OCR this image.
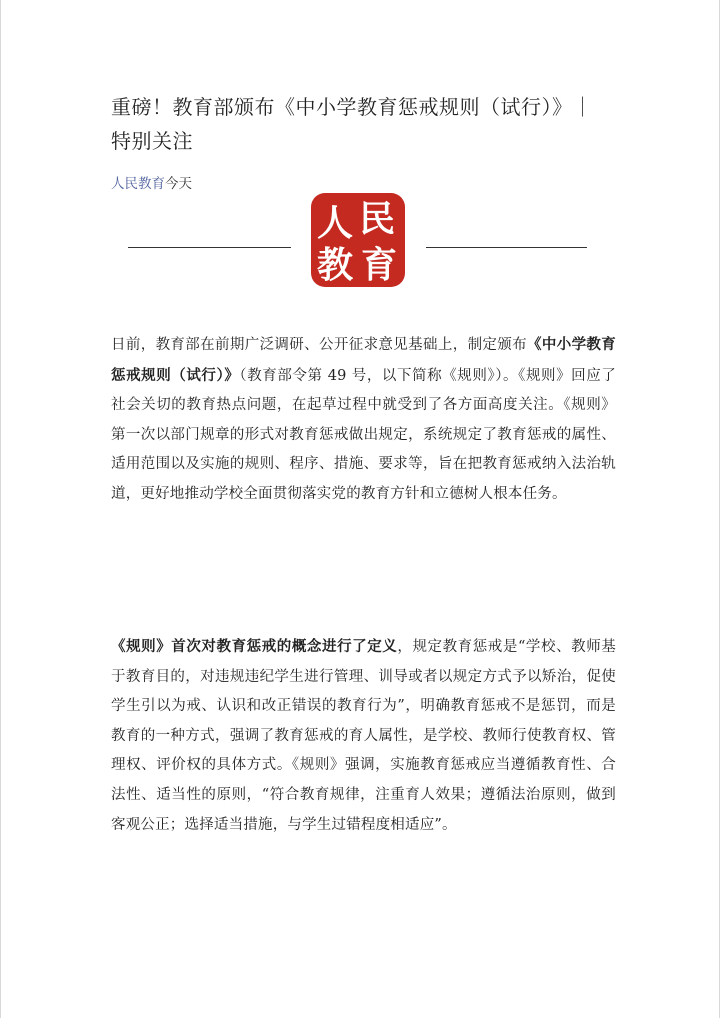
重磅！教育部颁布《中小学教育惩戒规则（试行）》｜ 特别关注
人民教育今天
人 民
教 育
日前，教育部在前期广泛调研、公开征求意见基础上，制定颁布《中小学教育惩戒规则（试行）》（教育部令第 49 号，以下简称《规则》）。《规则》回应了社会关切的教育热点问题，在起草过程中就受到了各方面高度关注。《规则》第一次以部门规章的形式对教育惩戒做出规定，系统规定了教育惩戒的属性、适用范围以及实施的规则、程序、措施、要求等，旨在把教育惩戒纳入法治轨道，更好地推动学校全面贯彻落实党的教育方针和立德树人根本任务。
《规则》首次对教育惩戒的概念进行了定义，规定教育惩戒是“学校、教师基于教育目的，对违规违纪学生进行管理、训导或者以规定方式予以矫治，促使学生引以为戒、认识和改正错误的教育行为”，明确教育惩戒不是惩罚，而是教育的一种方式，强调了教育惩戒的育人属性，是学校、教师行使教育权、管理权、评价权的具体方式。《规则》强调，实施教育惩戒应当遵循教育性、合法性、适当性的原则，“符合教育规律，注重育人效果；遵循法治原则，做到客观公正；选择适当措施，与学生过错程度相适应”。
